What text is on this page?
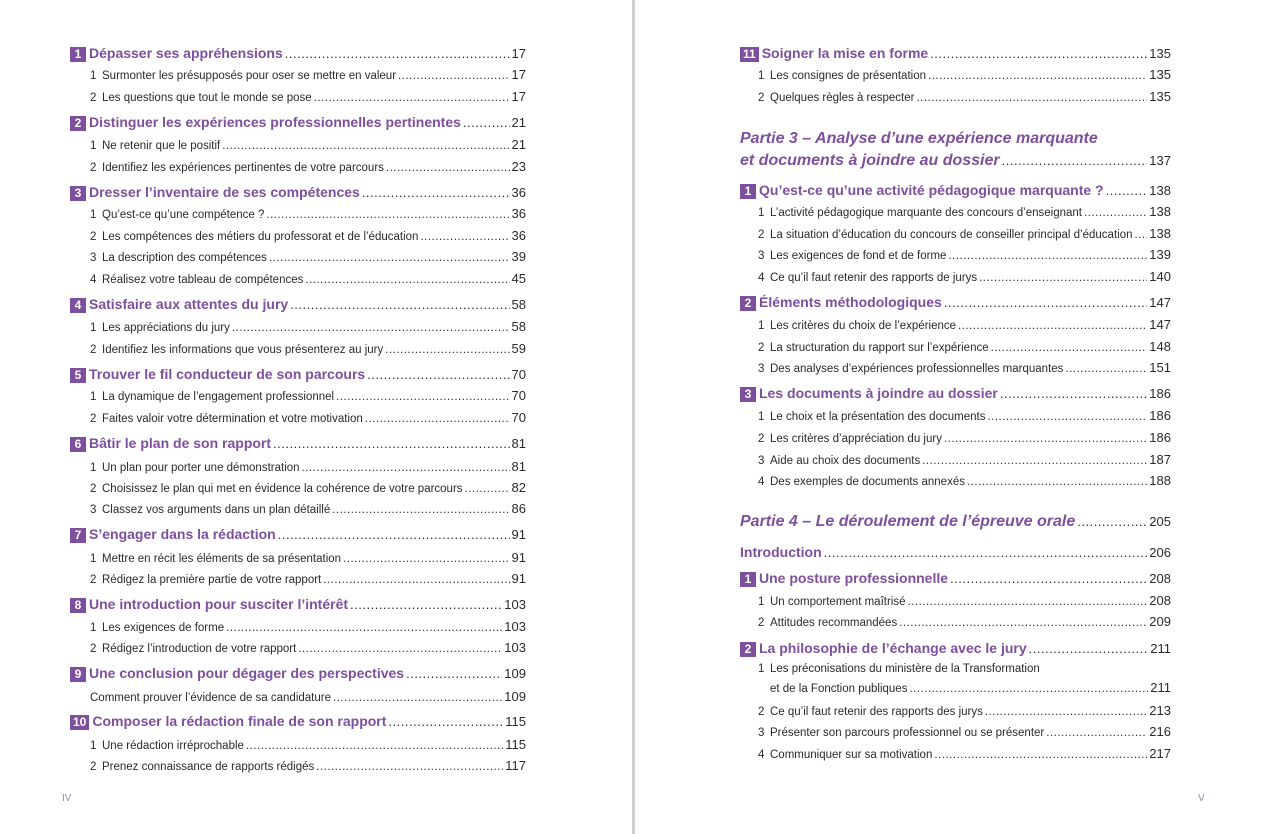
1 Dépasser ses appréhensions .....	17
1 Surmonter les présupposés pour oser se mettre en valeur .....	17
2 Les questions que tout le monde se pose .....	17
2 Distinguer les expériences professionnelles pertinentes .....	21
1 Ne retenir que le positif .....	21
2 Identifiez les expériences pertinentes de votre parcours .....	23
3 Dresser l’inventaire de ses compétences .....	36
1 Qu’est-ce qu’une compétence ? .....	36
2 Les compétences des métiers du professorat et de l’éducation .....	36
3 La description des compétences .....	39
4 Réalisez votre tableau de compétences .....	45
4 Satisfaire aux attentes du jury .....	58
1 Les appréciations du jury .....	58
2 Identifiez les informations que vous présenterez au jury .....	59
5 Trouver le fil conducteur de son parcours .....	70
1 La dynamique de l’engagement professionnel .....	70
2 Faites valoir votre détermination et votre motivation .....	70
6 Bâtir le plan de son rapport .....	81
1 Un plan pour porter une démonstration .....	81
2 Choisissez le plan qui met en évidence la cohérence de votre parcours .....	82
3 Classez vos arguments dans un plan détaillé .....	86
7 S’engager dans la rédaction .....	91
1 Mettre en récit les éléments de sa présentation .....	91
2 Rédigez la première partie de votre rapport .....	91
8 Une introduction pour susciter l’intérêt .....	103
1 Les exigences de forme .....	103
2 Rédigez l’introduction de votre rapport .....	103
9 Une conclusion pour dégager des perspectives .....	109
Comment prouver l’évidence de sa candidature .....	109
10 Composer la rédaction finale de son rapport .....	115
1 Une rédaction irréprochable .....	115
2 Prenez connaissance de rapports rédigés .....	117
IV
11 Soigner la mise en forme .....	135
1 Les consignes de présentation .....	135
2 Quelques règles à respecter .....	135
Partie 3 – Analyse d’une expérience marquante
et documents à joindre au dossier .....	137
1 Qu’est-ce qu’une activité pédagogique marquante ? .....	138
1 L’activité pédagogique marquante des concours d’enseignant .....	138
2 La situation d’éducation du concours de conseiller principal d’éducation ..... 138
3 Les exigences de fond et de forme .....	139
4 Ce qu’il faut retenir des rapports de jurys .....	140
2 Éléments méthodologiques .....	147
1 Les critères du choix de l’expérience .....	147
2 La structuration du rapport sur l’expérience .....	148
3 Des analyses d’expériences professionnelles marquantes .....	151
3 Les documents à joindre au dossier .....	186
1 Le choix et la présentation des documents .....	186
2 Les critères d’appréciation du jury .....	186
3 Aide au choix des documents .....	187
4 Des exemples de documents annexés .....	188
Partie 4 – Le déroulement de l’épreuve orale .....	205
Introduction .....	206
1 Une posture professionnelle .....	208
1 Un comportement maîtrisé .....	208
2 Attitudes recommandées .....	209
2 La philosophie de l’échange avec le jury .....	211
1 Les préconisations du ministère de la Transformation
et de la Fonction publiques .....	211
2 Ce qu’il faut retenir des rapports des jurys .....	213
3 Présenter son parcours professionnel ou se présenter .....	216
4 Communiquer sur sa motivation .....	217
V
